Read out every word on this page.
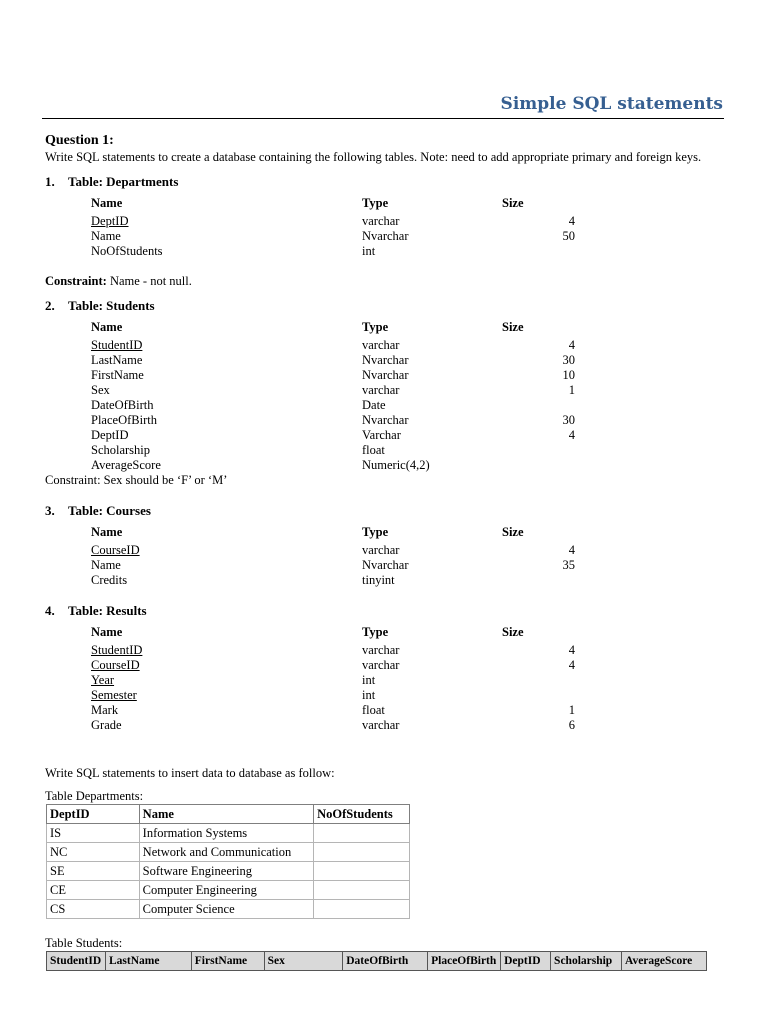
Simple SQL statements
Question 1:
Write SQL statements to create a database containing the following tables. Note: need to add appropriate primary and foreign keys.
1. Table: Departments
Name	Type	Size
DeptID	varchar	4
Name	Nvarchar	50
NoOfStudents	int
Constraint: Name - not null.
2. Table: Students
Name	Type	Size
StudentID	varchar	4
LastName	Nvarchar	30
FirstName	Nvarchar	10
Sex	varchar	1
DateOfBirth	Date
PlaceOfBirth	Nvarchar	30
DeptID	Varchar	4
Scholarship	float
AverageScore	Numeric(4,2)
Constraint: Sex should be ‘F’ or ‘M’
3. Table: Courses
Name	Type	Size
CourseID	varchar	4
Name	Nvarchar	35
Credits	tinyint
4. Table: Results
Name	Type	Size
StudentID	varchar	4
CourseID	varchar	4
Year	int
Semester	int
Mark	float	1
Grade	varchar	6
Write SQL statements to insert data to database as follow:
Table Departments:
DeptID	Name	NoOfStudents
IS	Information Systems	
NC	Network and Communication	
SE	Software Engineering	
CE	Computer Engineering	
CS	Computer Science	
Table Students:
StudentID	LastName	FirstName	Sex	DateOfBirth	PlaceOfBirth	DeptID	Scholarship	AverageScore
